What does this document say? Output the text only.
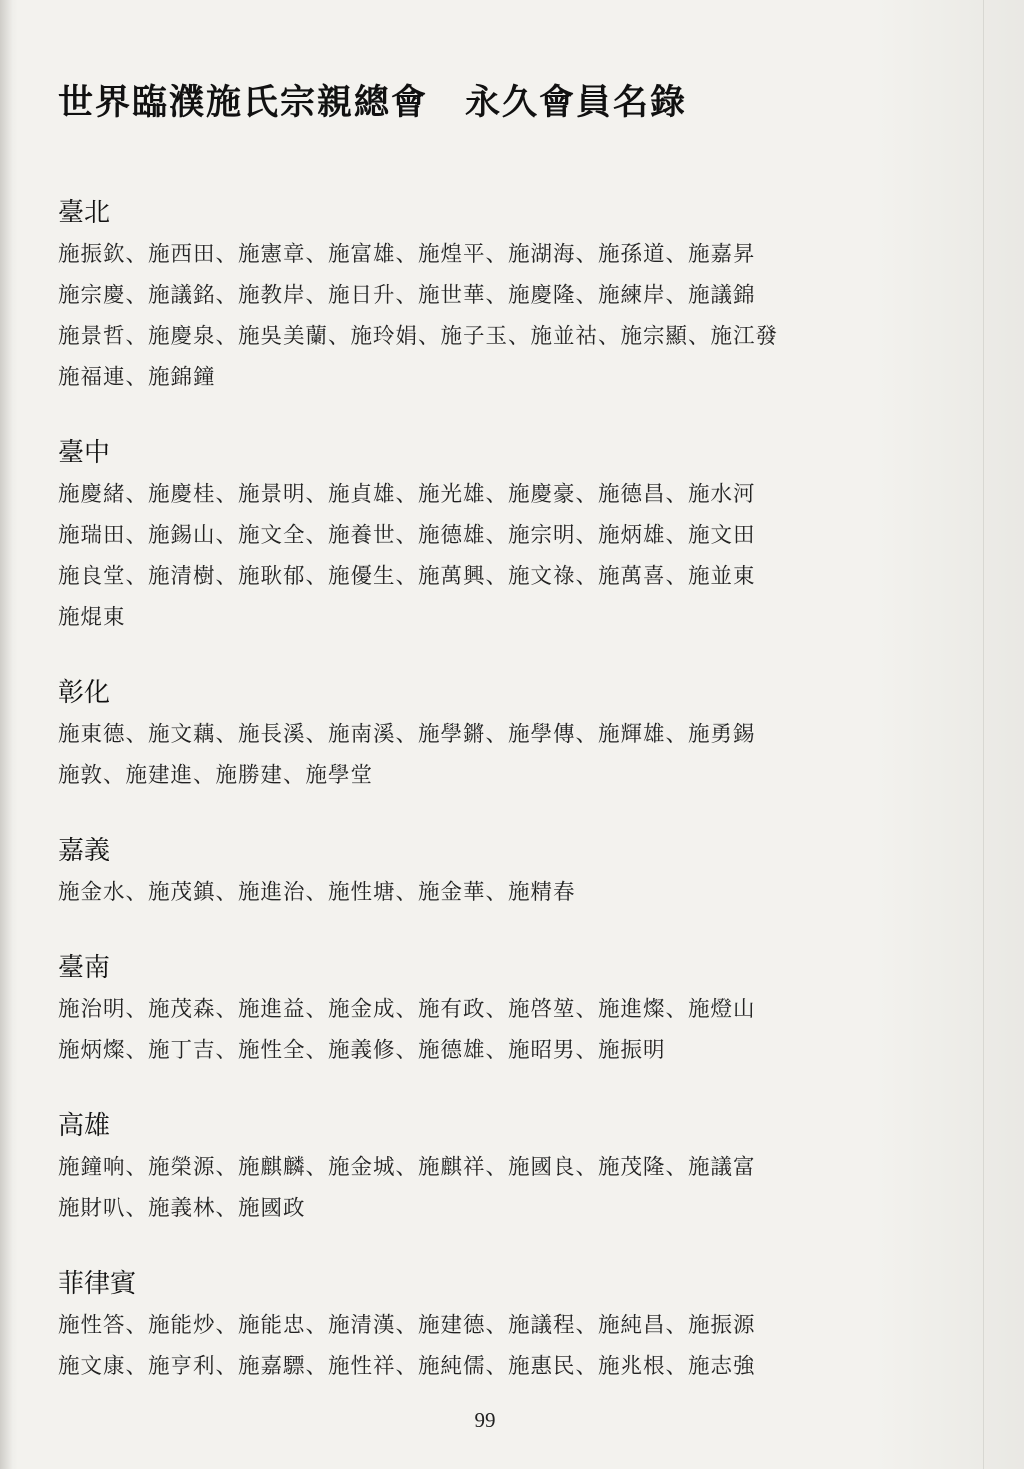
世界臨濮施氏宗親總會　永久會員名錄
臺北
施振欽、施西田、施憲章、施富雄、施煌平、施湖海、施孫道、施嘉昇
施宗慶、施議銘、施教岸、施日升、施世華、施慶隆、施練岸、施議錦
施景哲、施慶泉、施吳美蘭、施玲娟、施子玉、施並祜、施宗顯、施江發
施福連、施錦鐘
臺中
施慶緒、施慶桂、施景明、施貞雄、施光雄、施慶豪、施德昌、施水河
施瑞田、施錫山、施文全、施養世、施德雄、施宗明、施炳雄、施文田
施良堂、施清樹、施耿郁、施優生、施萬興、施文祿、施萬喜、施並東
施焜東
彰化
施東德、施文藕、施長溪、施南溪、施學鏘、施學傳、施輝雄、施勇錫
施敦、施建進、施勝建、施學堂
嘉義
施金水、施茂鎮、施進治、施性塘、施金華、施精春
臺南
施治明、施茂森、施進益、施金成、施有政、施啓堃、施進燦、施燈山
施炳燦、施丁吉、施性全、施義修、施德雄、施昭男、施振明
高雄
施鐘响、施榮源、施麒麟、施金城、施麒祥、施國良、施茂隆、施議富
施財叭、施義林、施國政
菲律賓
施性答、施能炒、施能忠、施清漢、施建德、施議程、施純昌、施振源
施文康、施亨利、施嘉驃、施性祥、施純儒、施惠民、施兆根、施志強
99
